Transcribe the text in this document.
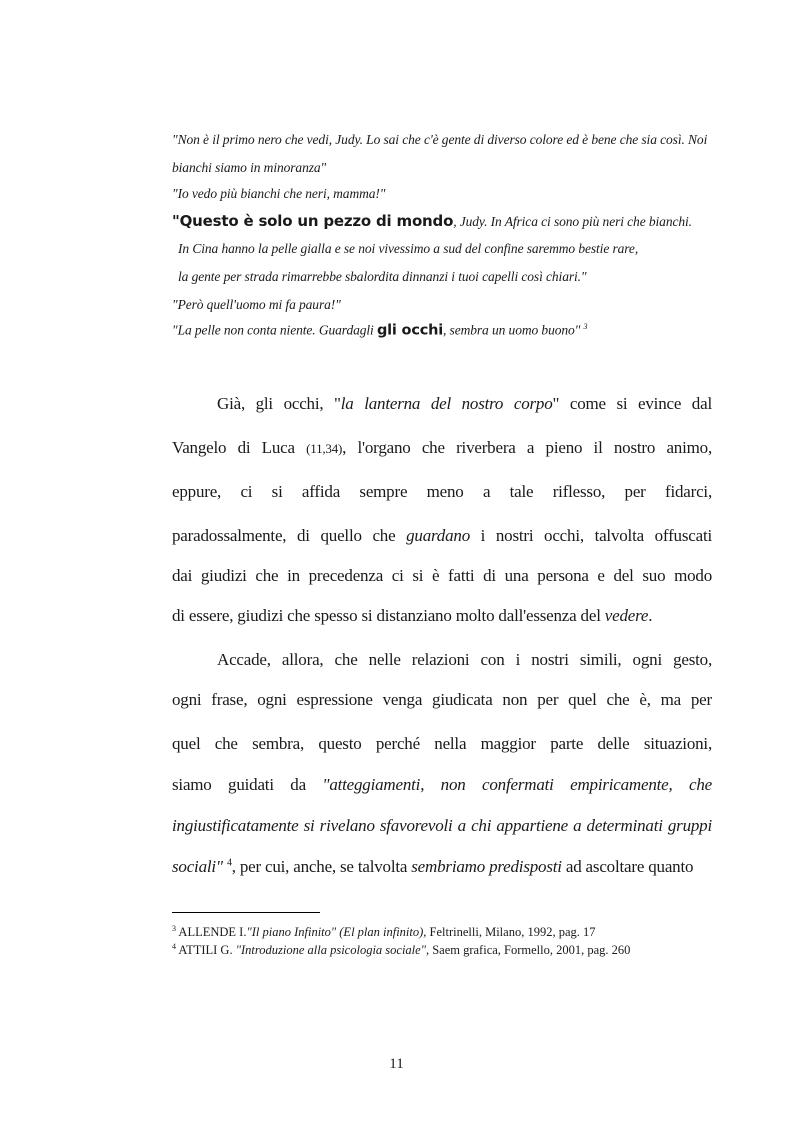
"Non è il primo nero che vedi, Judy. Lo sai che c'è gente di diverso colore ed è bene che sia così. Noi
bianchi siamo in minoranza"
"Io vedo più bianchi che neri, mamma!"
"Questo è solo un pezzo di mondo, Judy. In Africa ci sono più neri che bianchi.
In Cina hanno la pelle gialla e se noi vivessimo a sud del confine saremmo bestie rare,
la gente per strada rimarrebbe sbalordita dinnanzi i tuoi capelli così chiari."
"Però quell'uomo mi fa paura!"
"La pelle non conta niente. Guardagli gli occhi, sembra un uomo buono" $^3$
Già, gli occhi, "la lanterna del nostro corpo" come si evince dal
Vangelo di Luca (11,34), l'organo che riverbera a pieno il nostro animo,
eppure, ci si affida sempre meno a tale riflesso, per fidarci,
paradossalmente, di quello che guardano i nostri occhi, talvolta offuscati
dai giudizi che in precedenza ci si è fatti di una persona e del suo modo
di essere, giudizi che spesso si distanziano molto dall'essenza del vedere.
Accade, allora, che nelle relazioni con i nostri simili, ogni gesto,
ogni frase, ogni espressione venga giudicata non per quel che è, ma per
quel che sembra, questo perché nella maggior parte delle situazioni,
siamo guidati da "atteggiamenti, non confermati empiricamente, che
ingiustificatamente si rivelano sfavorevoli a chi appartiene a determinati gruppi
sociali" $^4$, per cui, anche, se talvolta sembriamo predisposti ad ascoltare quanto
$^3$ ALLENDE I."Il piano Infinito" (El plan infinito), Feltrinelli, Milano, 1992, pag. 17
$^4$ ATTILI G. "Introduzione alla psicologia sociale", Saem grafica, Formello, 2001, pag. 260
11
